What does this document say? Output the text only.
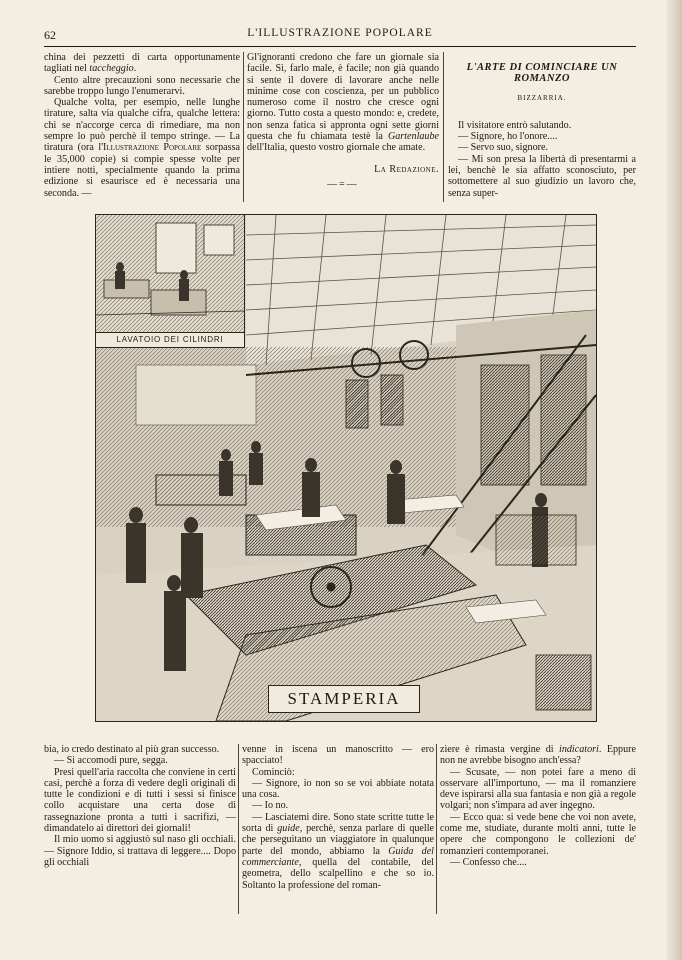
62	L'ILLUSTRAZIONE POPOLARE

china dei pezzetti di carta opportunamente tagliati nel taccheggio.

Cento altre precauzioni sono necessarie che sarebbe troppo lungo l'enumerarvi.

Qualche volta, per esempio, nelle lunghe tirature, salta via qualche cifra, qualche lettera: chi se n'accorge cerca di rimediare, ma non sempre lo può perchè il tempo stringe. — La tiratura (ora l'Illustrazione Popolare sorpassa le 35,000 copie) si compie spesse volte per intiere notti, specialmente quando la prima edizione si esaurisce ed è necessaria una seconda. —

Gl'ignoranti credono che fare un giornale sia facile. Si, farlo male, è facile; non già quando si sente il dovere di lavorare anche nelle minime cose con coscienza, per un pubblico numeroso come il nostro che cresce ogni giorno. Tutto costa a questo mondo: e, credete, non senza fatica si appronta ogni sette giorni questa che fu chiamata testè la Gartenlaube dell'Italia, questo vostro giornale che amate.

La Redazione.
—=—
L'ARTE DI COMINCIARE UN ROMANZO
BIZZARRIA.

Il visitatore entrò salutando.

— Signore, ho l'onore....

— Servo suo, signore.

— Mi son presa la libertà di presentarmi a lei, benchè le sia affatto sconosciuto, per sottomettere al suo giudizio un lavoro che, senza super-

LAVATOIO DEI CILINDRI
STAMPERIA

bia, io credo destinato al più gran successo.

— Si accomodi pure, segga.

Presi quell'aria raccolta che conviene in certi casi, perchè a forza di vedere degli originali di tutte le condizioni e di tutti i sessi si finisce collo acquistare una certa dose di rassegnazione pronta a tutti i sacrifizi, — dimandatelo ai direttori dei giornali!

Il mio uomo si aggiustò sul naso gli occhiali. — Signore Iddio, si trattava di leggere.... Dopo gli occhiali

venne in iscena un manoscritto — ero spacciato!

Cominciò:

— Signore, io non so se voi abbiate notata una cosa.

— Io no.

— Lasciatemi dire. Sono state scritte tutte le sorta di guide, perchè, senza parlare di quelle che perseguitano un viaggiatore in qualunque parte del mondo, abbiamo la Guida del commerciante, quella del contabile, del geometra, dello scalpellino e che so io. Soltanto la professione del roman-

ziere è rimasta vergine di indicatori. Eppure non ne avrebbe bisogno anch'essa?

— Scusate, — non potei fare a meno di osservare all'importuno, — ma il romanziere deve ispirarsi alla sua fantasia e non già a regole volgari; non s'impara ad aver ingegno.

— Ecco qua: si vede bene che voi non avete, come me, studiate, durante molti anni, tutte le opere che compongono le collezioni de' romanzieri contemporanei.

— Confesso che....
